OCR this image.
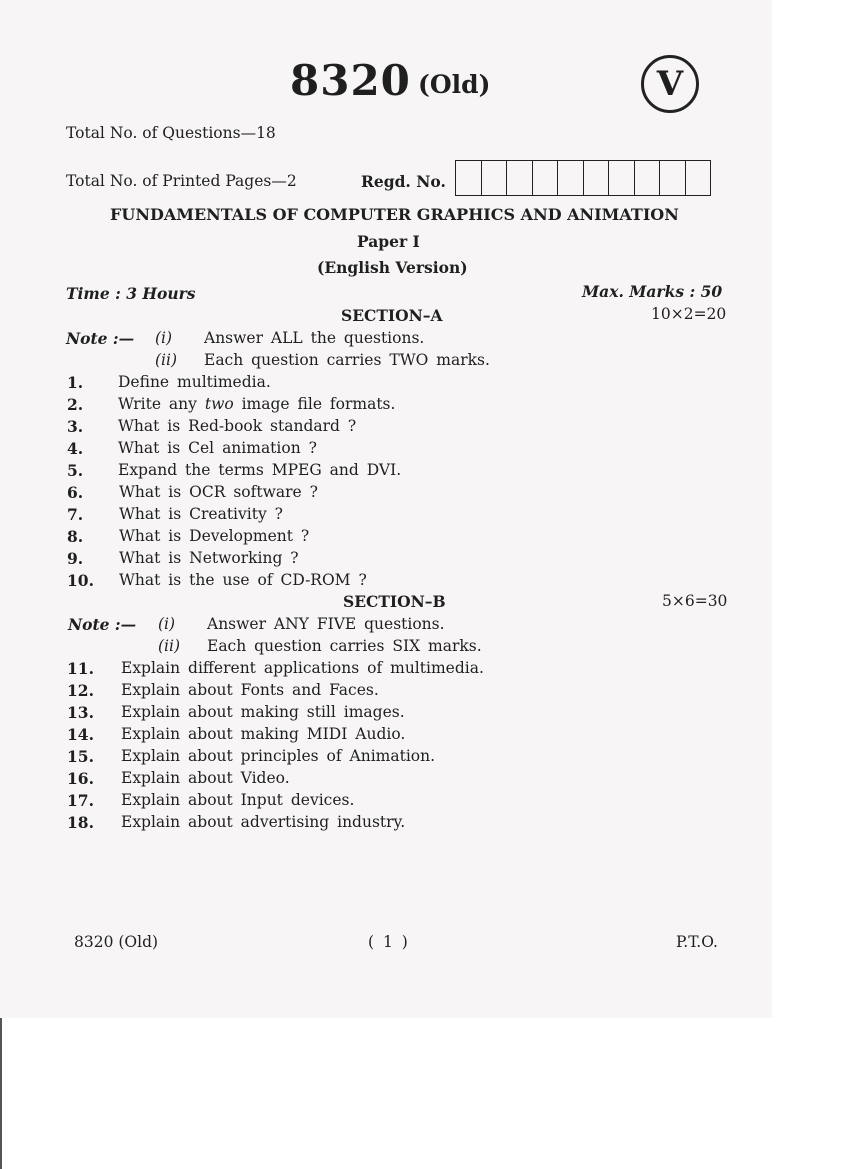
8320 (Old)	V
Total No. of Questions—18
Total No. of Printed Pages—2	Regd. No.
FUNDAMENTALS OF COMPUTER GRAPHICS AND ANIMATION
Paper I
(English Version)
Time : 3 Hours	Max. Marks : 50
SECTION–A	10×2=20
Note :— (i) Answer ALL the questions.
(ii) Each question carries TWO marks.
1. Define multimedia.
2. Write any two image file formats.
3. What is Red-book standard ?
4. What is Cel animation ?
5. Expand the terms MPEG and DVI.
6. What is OCR software ?
7. What is Creativity ?
8. What is Development ?
9. What is Networking ?
10. What is the use of CD-ROM ?
SECTION–B	5×6=30
Note :— (i) Answer ANY FIVE questions.
(ii) Each question carries SIX marks.
11. Explain different applications of multimedia.
12. Explain about Fonts and Faces.
13. Explain about making still images.
14. Explain about making MIDI Audio.
15. Explain about principles of Animation.
16. Explain about Video.
17. Explain about Input devices.
18. Explain about advertising industry.
8320 (Old)	( 1 )	P.T.O.
